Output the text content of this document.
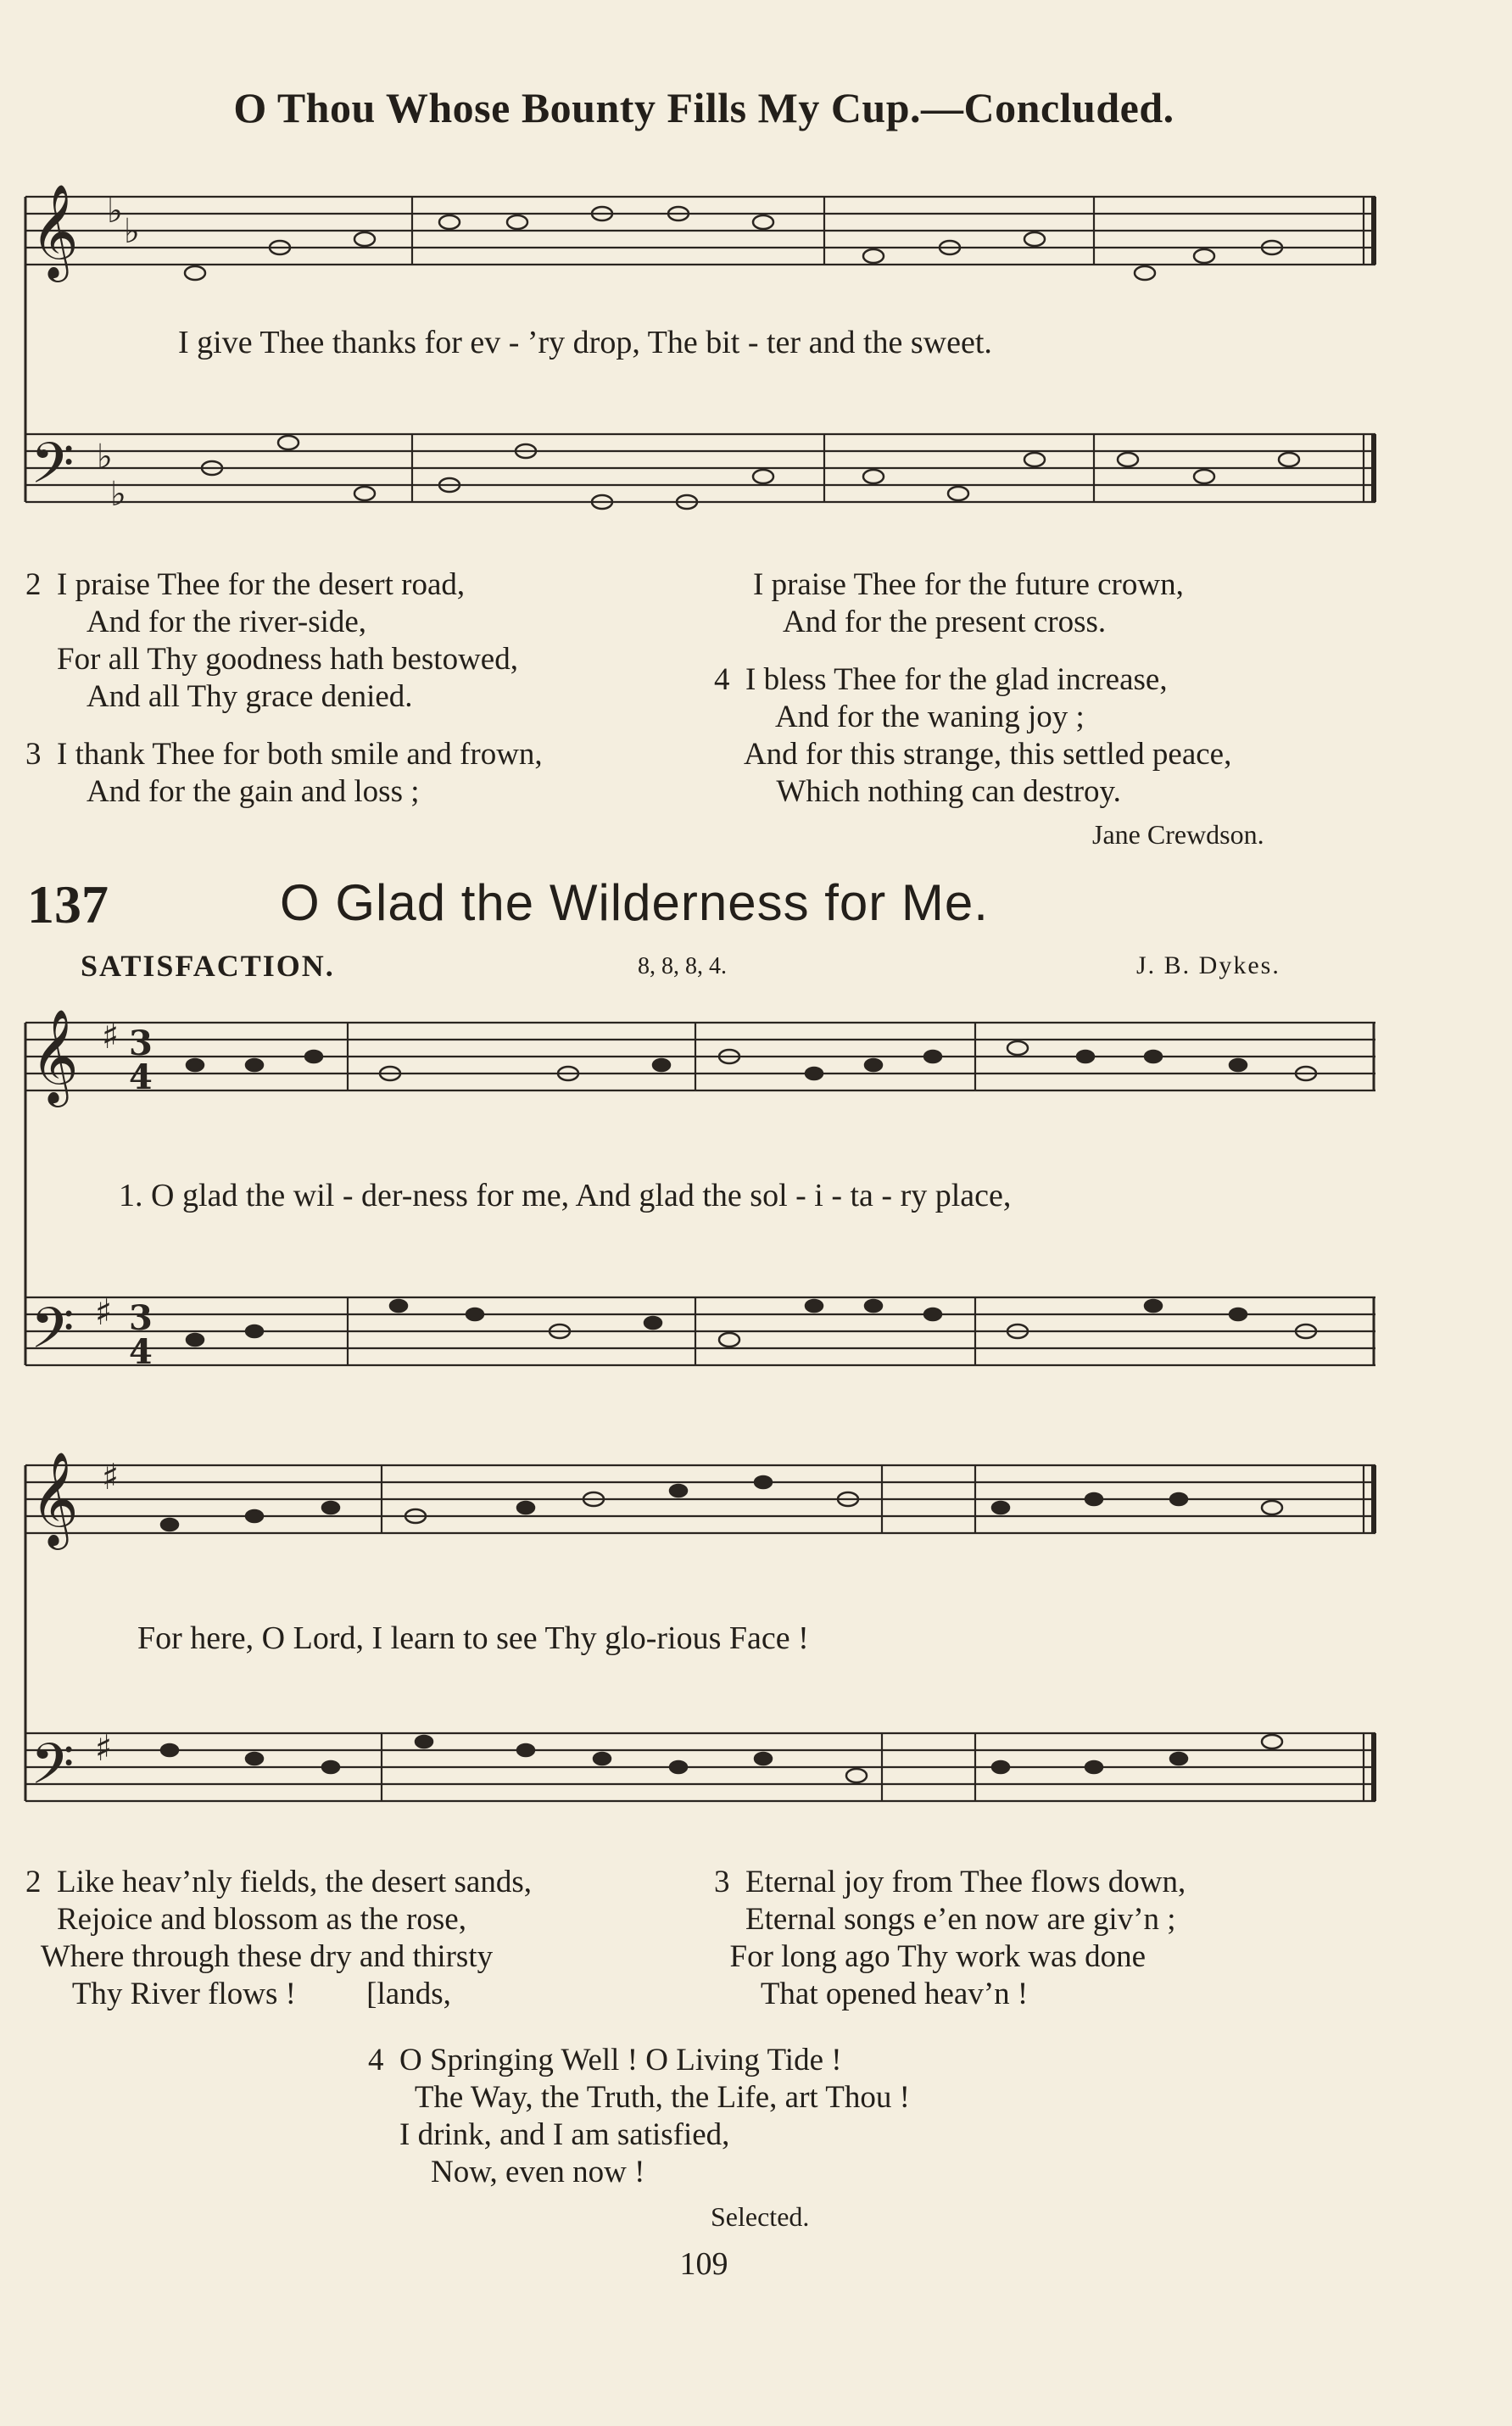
𝄞
𝄢
𝄞
𝄢
𝄞
𝄢
♭
♭
♭
♭
♯
♯
♯
♯
3
4
3
4
O Thou Whose Bounty Fills My Cup.—Concluded.
I give Thee thanks for ev - ’ry drop, The bit - ter and the sweet.
2  I praise Thee for the desert road,
And for the river-side,
For all Thy goodness hath bestowed,
And all Thy grace denied.
3  I thank Thee for both smile and frown,
And for the gain and loss ;
I praise Thee for the future crown,
And for the present cross.
4  I bless Thee for the glad increase,
And for the waning joy ;
And for this strange, this settled peace,
Which nothing can destroy.
Jane Crewdson.
137	O Glad the Wilderness for Me.
SATISFACTION.	8, 8, 8, 4.	J. B. Dykes.
1. O glad the wil - der-ness for me, And glad the sol - i - ta - ry place,
For here, O Lord, I learn to see Thy glo-rious Face !
2  Like heav’nly fields, the desert sands,
Rejoice and blossom as the rose,
Where through these dry and thirsty
Thy River flows !         [lands,
3  Eternal joy from Thee flows down,
Eternal songs e’en now are giv’n ;
For long ago Thy work was done
That opened heav’n !
4  O Springing Well ! O Living Tide !
The Way, the Truth, the Life, art Thou !
I drink, and I am satisfied,
Now, even now !
Selected.
109
